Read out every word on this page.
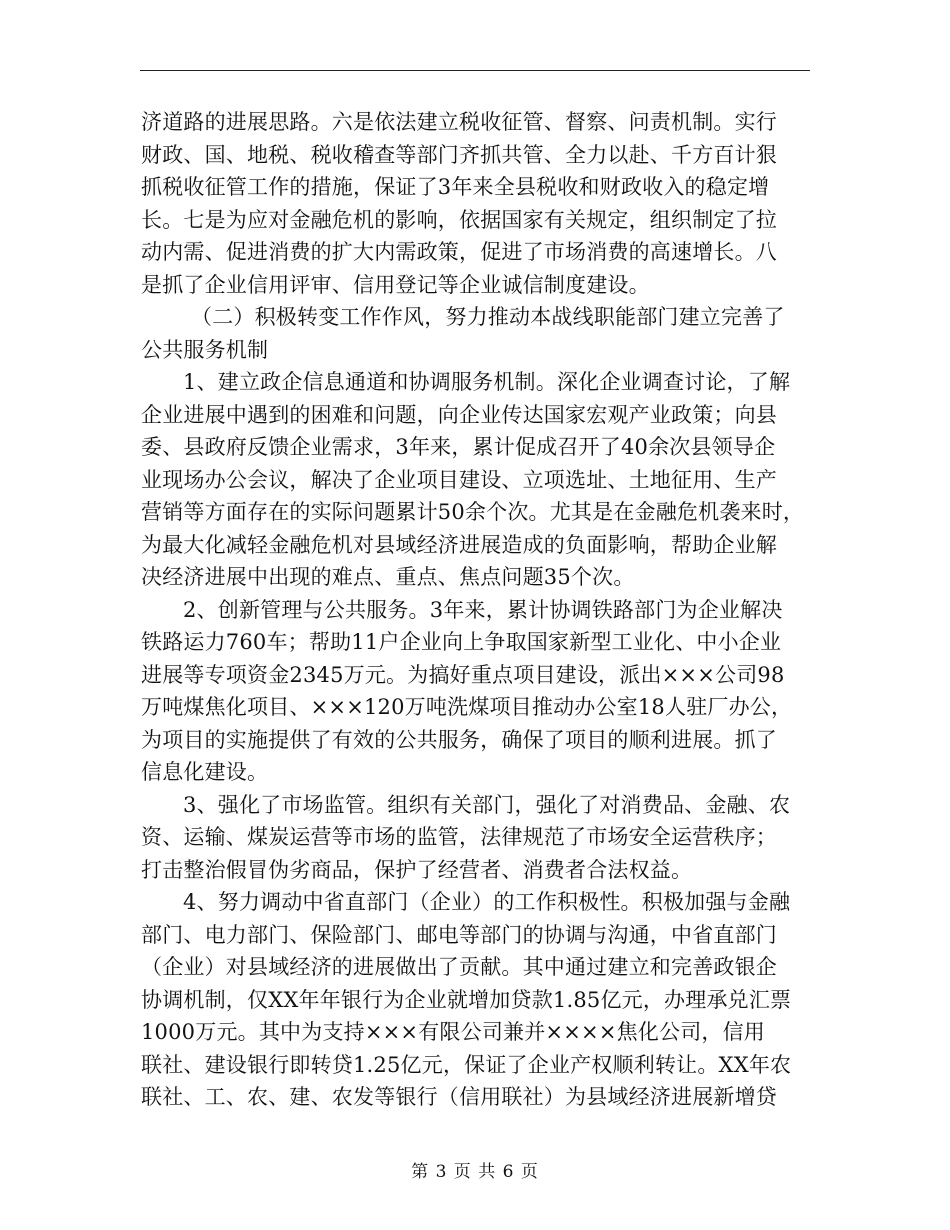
济道路的进展思路。六是依法建立税收征管、督察、问责机制。实行
财政、国、地税、税收稽查等部门齐抓共管、全力以赴、千方百计狠
抓税收征管工作的措施，保证了3年来全县税收和财政收入的稳定增
长。七是为应对金融危机的影响，依据国家有关规定，组织制定了拉
动内需、促进消费的扩大内需政策，促进了市场消费的高速增长。八
是抓了企业信用评审、信用登记等企业诚信制度建设。
（二）积极转变工作作风，努力推动本战线职能部门建立完善了
公共服务机制
1、建立政企信息通道和协调服务机制。深化企业调查讨论，了解
企业进展中遇到的困难和问题，向企业传达国家宏观产业政策；向县
委、县政府反馈企业需求，3年来，累计促成召开了40余次县领导企
业现场办公会议，解决了企业项目建设、立项选址、土地征用、生产
营销等方面存在的实际问题累计50余个次。尤其是在金融危机袭来时，
为最大化减轻金融危机对县域经济进展造成的负面影响，帮助企业解
决经济进展中出现的难点、重点、焦点问题35个次。
2、创新管理与公共服务。3年来，累计协调铁路部门为企业解决
铁路运力760车；帮助11户企业向上争取国家新型工业化、中小企业
进展等专项资金2345万元。为搞好重点项目建设，派出×××公司98
万吨煤焦化项目、×××120万吨洗煤项目推动办公室18人驻厂办公，
为项目的实施提供了有效的公共服务，确保了项目的顺利进展。抓了
信息化建设。
3、强化了市场监管。组织有关部门，强化了对消费品、金融、农
资、运输、煤炭运营等市场的监管，法律规范了市场安全运营秩序；
打击整治假冒伪劣商品，保护了经营者、消费者合法权益。
4、努力调动中省直部门（企业）的工作积极性。积极加强与金融
部门、电力部门、保险部门、邮电等部门的协调与沟通，中省直部门
（企业）对县域经济的进展做出了贡献。其中通过建立和完善政银企
协调机制，仅XX年年银行为企业就增加贷款1.85亿元，办理承兑汇票
1000万元。其中为支持×××有限公司兼并××××焦化公司，信用
联社、建设银行即转贷1.25亿元，保证了企业产权顺利转让。XX年农
联社、工、农、建、农发等银行（信用联社）为县域经济进展新增贷
第 3 页 共 6 页
